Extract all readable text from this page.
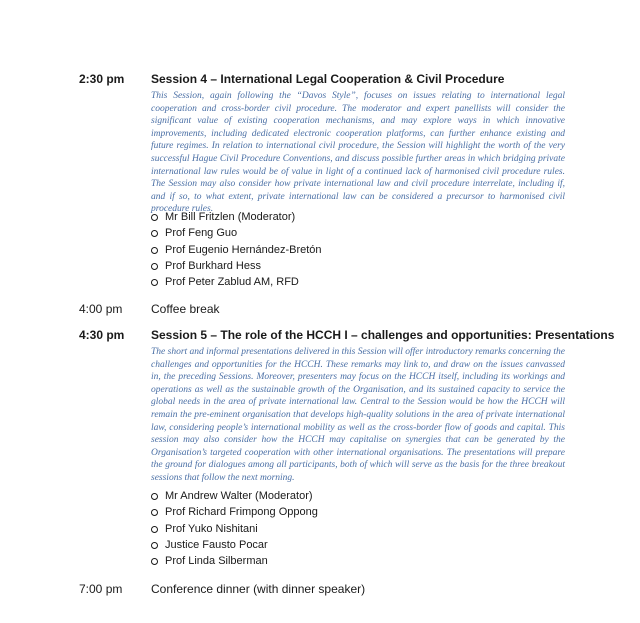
2:30 pm Session 4 – International Legal Cooperation & Civil Procedure
This Session, again following the “Davos Style”, focuses on issues relating to international legal cooperation and cross-border civil procedure. The moderator and expert panellists will consider the significant value of existing cooperation mechanisms, and may explore ways in which innovative improvements, including dedicated electronic cooperation platforms, can further enhance existing and future regimes. In relation to international civil procedure, the Session will highlight the worth of the very successful Hague Civil Procedure Conventions, and discuss possible further areas in which bridging private international law rules would be of value in light of a continued lack of harmonised civil procedure rules. The Session may also consider how private international law and civil procedure interrelate, including if, and if so, to what extent, private international law can be considered a precursor to harmonised civil procedure rules.
Mr Bill Fritzlen (Moderator)
Prof Feng Guo
Prof Eugenio Hernández-Bretón
Prof Burkhard Hess
Prof Peter Zablud AM, RFD
4:00 pm Coffee break
4:30 pm Session 5 – The role of the HCCH I – challenges and opportunities: Presentations
The short and informal presentations delivered in this Session will offer introductory remarks concerning the challenges and opportunities for the HCCH. These remarks may link to, and draw on the issues canvassed in, the preceding Sessions. Moreover, presenters may focus on the HCCH itself, including its workings and operations as well as the sustainable growth of the Organisation, and its sustained capacity to service the global needs in the area of private international law. Central to the Session would be how the HCCH will remain the pre-eminent organisation that develops high-quality solutions in the area of private international law, considering people’s international mobility as well as the cross-border flow of goods and capital. This session may also consider how the HCCH may capitalise on synergies that can be generated by the Organisation’s targeted cooperation with other international organisations. The presentations will prepare the ground for dialogues among all participants, both of which will serve as the basis for the three breakout sessions that follow the next morning.
Mr Andrew Walter (Moderator)
Prof Richard Frimpong Oppong
Prof Yuko Nishitani
Justice Fausto Pocar
Prof Linda Silberman
7:00 pm Conference dinner (with dinner speaker)
